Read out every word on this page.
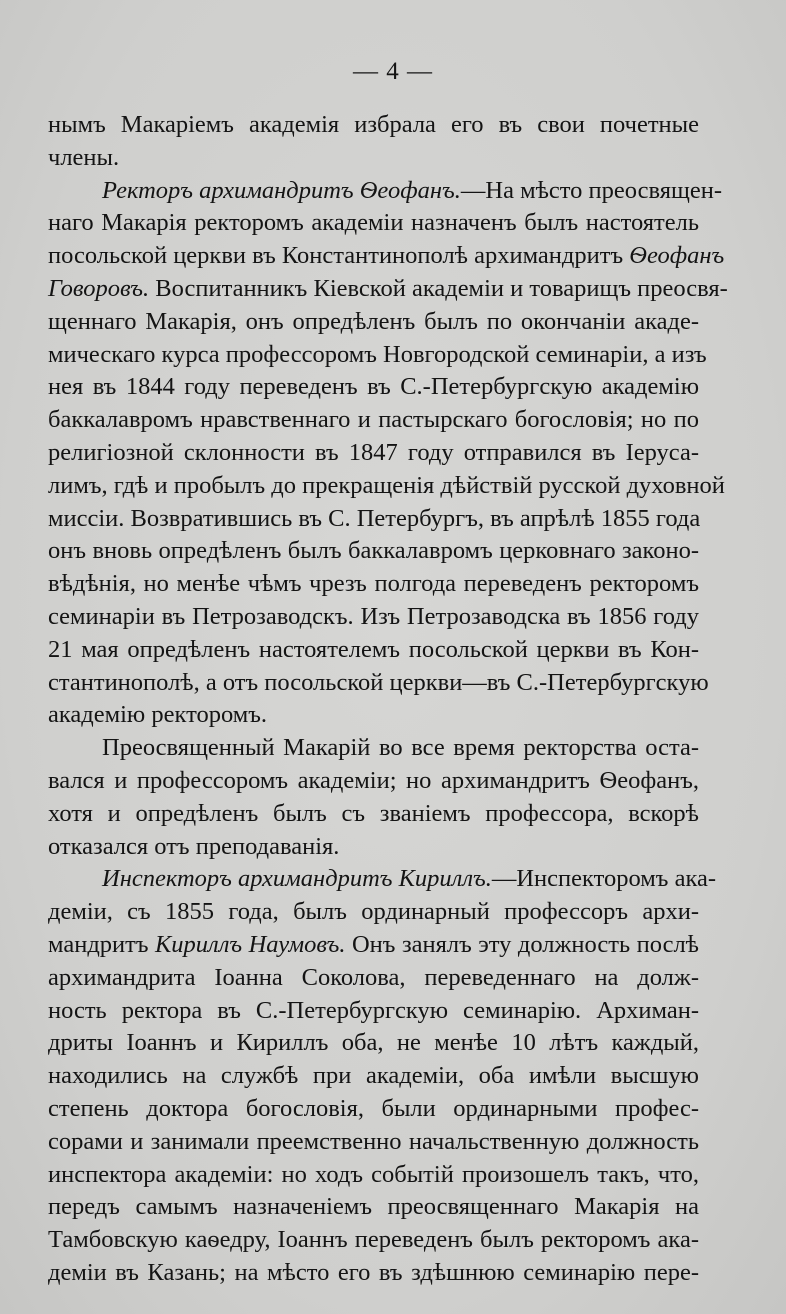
— 4 —
нымъ Макаріемъ академія избрала его въ свои почетные
члены.
Ректоръ архимандритъ Ѳеофанъ.—На мѣсто преосвящен-
наго Макарія ректоромъ академіи назначенъ былъ настоятель
посольской церкви въ Константинополѣ архимандритъ Ѳеофанъ
Говоровъ. Воспитанникъ Кіевской академіи и товарищъ преосвя-
щеннаго Макарія, онъ опредѣленъ былъ по окончаніи акаде-
мическаго курса профессоромъ Новгородской семинаріи, а изъ
нея въ 1844 году переведенъ въ С.-Петербургскую академію
баккалавромъ нравственнаго и пастырскаго богословія; но по
религіозной склонности въ 1847 году отправился въ Іеруса-
лимъ, гдѣ и пробылъ до прекращенія дѣйствій русской духовной
миссіи. Возвратившись въ С. Петербургъ, въ апрѣлѣ 1855 года
онъ вновь опредѣленъ былъ баккалавромъ церковнаго законо-
вѣдѣнія, но менѣе чѣмъ чрезъ полгода переведенъ ректоромъ
семинаріи въ Петрозаводскъ. Изъ Петрозаводска въ 1856 году
21 мая опредѣленъ настоятелемъ посольской церкви въ Кон-
стантинополѣ, а отъ посольской церкви—въ С.-Петербургскую
академію ректоромъ.
Преосвященный Макарій во все время ректорства оста-
вался и профессоромъ академіи; но архимандритъ Ѳеофанъ,
хотя и опредѣленъ былъ съ званіемъ профессора, вскорѣ
отказался отъ преподаванія.
Инспекторъ архимандритъ Кириллъ.—Инспекторомъ ака-
деміи, съ 1855 года, былъ ординарный профессоръ архи-
мандритъ Кириллъ Наумовъ. Онъ занялъ эту должность послѣ
архимандрита Іоанна Соколова, переведеннаго на долж-
ность ректора въ С.-Петербургскую семинарію. Архиман-
дриты Іоаннъ и Кириллъ оба, не менѣе 10 лѣтъ каждый,
находились на службѣ при академіи, оба имѣли высшую
степень доктора богословія, были ординарными профес-
сорами и занимали преемственно начальственную должность
инспектора академіи: но ходъ событій произошелъ такъ, что,
передъ самымъ назначеніемъ преосвященнаго Макарія на
Тамбовскую каѳедру, Іоаннъ переведенъ былъ ректоромъ ака-
деміи въ Казань; на мѣсто его въ здѣшнюю семинарію пере-
